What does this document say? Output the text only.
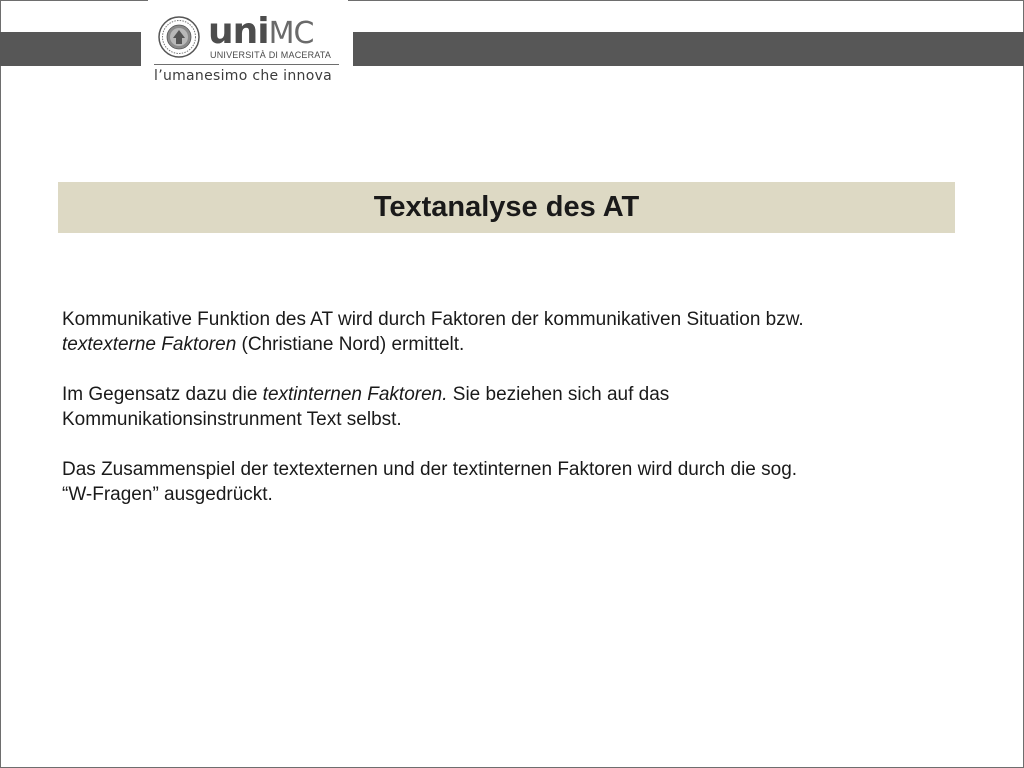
uniMC
UNIVERSITÀ DI MACERATA
l’umanesimo che innova
Textanalyse des AT

Kommunikative Funktion des AT wird durch Faktoren der kommunikativen Situation bzw.
textexterne Faktoren (Christiane Nord) ermittelt.

Im Gegensatz dazu die textinternen Faktoren. Sie beziehen sich auf das
Kommunikationsinstrunment Text selbst.

Das Zusammenspiel der textexternen und der textinternen Faktoren wird durch die sog.
“W-Fragen” ausgedrückt.
